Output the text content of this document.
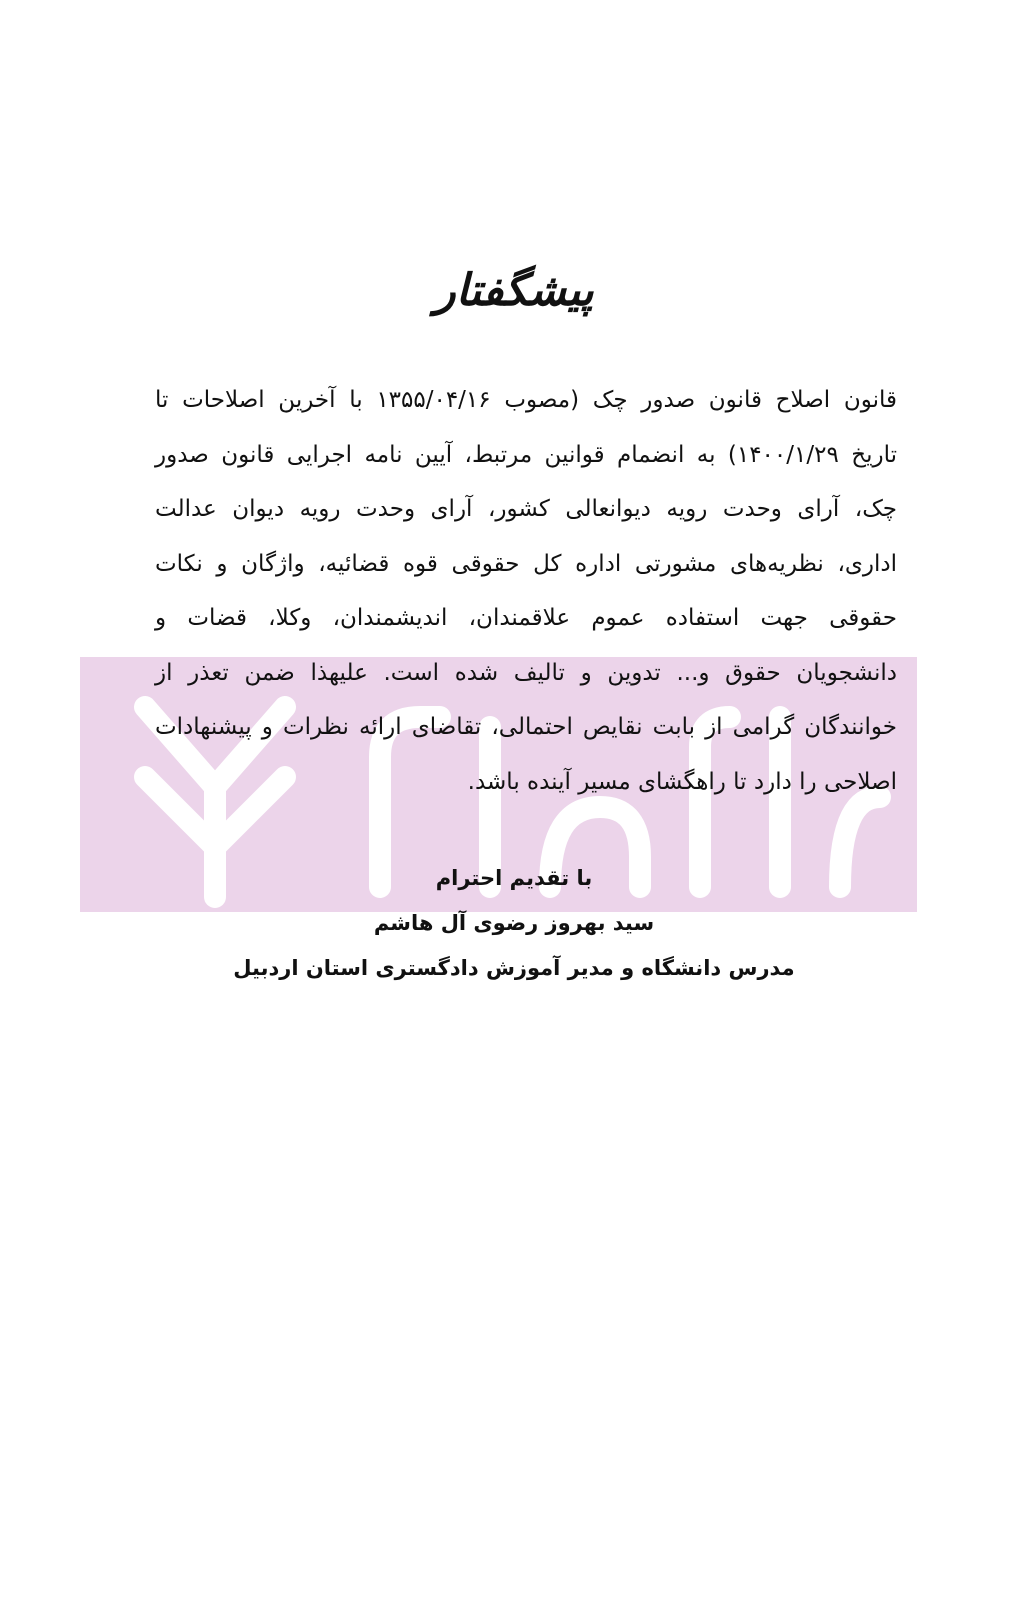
پیشگفتار
قانون اصلاح قانون صدور چک (مصوب ۱۳۵۵/۰۴/۱۶ با آخرین اصلاحات تا
تاریخ ۱۴۰۰/۱/۲۹) به انضمام قوانین مرتبط، آیین نامه اجرایی قانون صدور
چک، آرای وحدت رویه دیوانعالی کشور، آرای وحدت رویه دیوان عدالت
اداری، نظریه‌های مشورتی اداره کل حقوقی قوه قضائیه، واژگان و نکات
حقوقی جهت استفاده عموم علاقمندان، اندیشمندان، وکلا، قضات و
دانشجویان حقوق و... تدوین و تالیف شده است. علیهذا ضمن تعذر از
خوانندگان گرامی از بابت نقایص احتمالی، تقاضای ارائه نظرات و پیشنهادات
اصلاحی را دارد تا راهگشای مسیر آینده باشد.
با تقدیم احترام
سید بهروز رضوی آل هاشم
مدرس دانشگاه و مدیر آموزش دادگستری استان اردبیل
